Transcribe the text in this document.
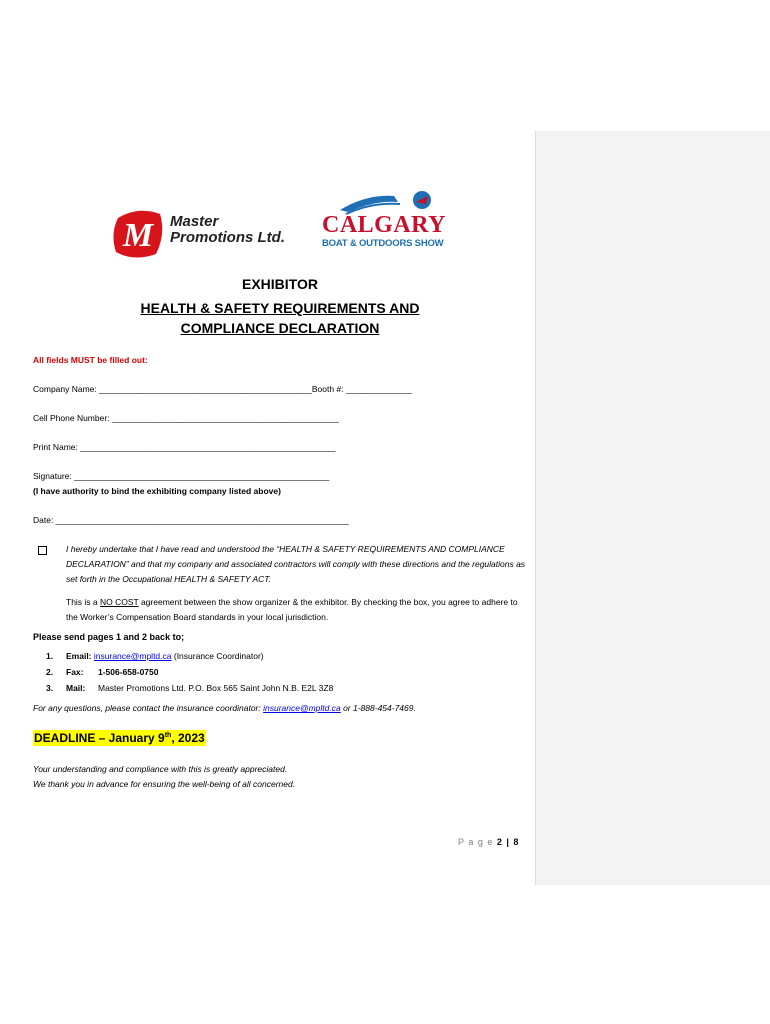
M Master
Promotions Ltd. CALGARY
BOAT & OUTDOORS SHOW
EXHIBITOR
HEALTH & SAFETY REQUIREMENTS AND
COMPLIANCE DECLARATION
All fields MUST be filled out:
Company Name: _____________________________________________Booth #: ______________
Cell Phone Number: ________________________________________________
Print Name: ______________________________________________________
Signature: ______________________________________________________
(I have authority to bind the exhibiting company listed above)
Date: ______________________________________________________________
I hereby undertake that I have read and understood the “HEALTH & SAFETY REQUIREMENTS AND COMPLIANCE DECLARATION” and that my company and associated contractors will comply with these directions and the regulations as set forth in the Occupational HEALTH & SAFETY ACT.
This is a NO COST agreement between the show organizer & the exhibitor. By checking the box, you agree to adhere to the Worker’s Compensation Board standards in your local jurisdiction.
Please send pages 1 and 2 back to;
1. Email: insurance@mpltd.ca (Insurance Coordinator)
2. Fax: 1-506-658-0750
3. Mail: Master Promotions Ltd. P.O. Box 565 Saint John N.B. E2L 3Z8
For any questions, please contact the insurance coordinator: insurance@mpltd.ca or 1-888-454-7469.
DEADLINE – January 9th, 2023
Your understanding and compliance with this is greatly appreciated.
We thank you in advance for ensuring the well-being of all concerned.
P a g e 2 | 8
